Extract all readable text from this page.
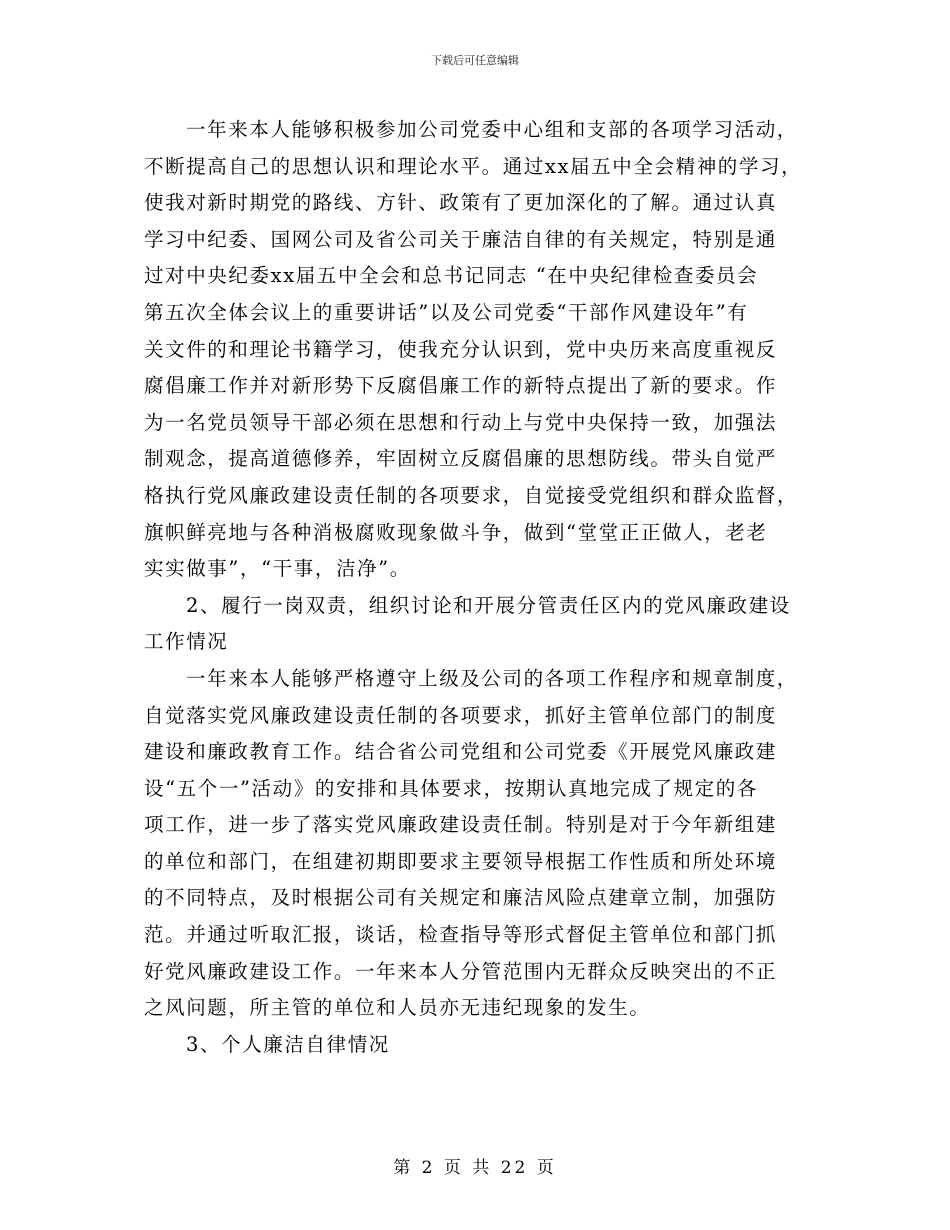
下载后可任意编辑
一年来本人能够积极参加公司党委中心组和支部的各项学习活动，
不断提高自己的思想认识和理论水平。通过xx届五中全会精神的学习，
使我对新时期党的路线、方针、政策有了更加深化的了解。通过认真
学习中纪委、国网公司及省公司关于廉洁自律的有关规定，特别是通
过对中央纪委xx届五中全会和总书记同志 “在中央纪律检查委员会
第五次全体会议上的重要讲话”以及公司党委“干部作风建设年”有
关文件的和理论书籍学习，使我充分认识到，党中央历来高度重视反
腐倡廉工作并对新形势下反腐倡廉工作的新特点提出了新的要求。作
为一名党员领导干部必须在思想和行动上与党中央保持一致，加强法
制观念，提高道德修养，牢固树立反腐倡廉的思想防线。带头自觉严
格执行党风廉政建设责任制的各项要求，自觉接受党组织和群众监督，
旗帜鲜亮地与各种消极腐败现象做斗争，做到“堂堂正正做人，老老
实实做事”，“干事，洁净”。
2、履行一岗双责，组织讨论和开展分管责任区内的党风廉政建设
工作情况
一年来本人能够严格遵守上级及公司的各项工作程序和规章制度，
自觉落实党风廉政建设责任制的各项要求，抓好主管单位部门的制度
建设和廉政教育工作。结合省公司党组和公司党委《开展党风廉政建
设“五个一”活动》的安排和具体要求，按期认真地完成了规定的各
项工作，进一步了落实党风廉政建设责任制。特别是对于今年新组建
的单位和部门，在组建初期即要求主要领导根据工作性质和所处环境
的不同特点，及时根据公司有关规定和廉洁风险点建章立制，加强防
范。并通过听取汇报，谈话，检查指导等形式督促主管单位和部门抓
好党风廉政建设工作。一年来本人分管范围内无群众反映突出的不正
之风问题，所主管的单位和人员亦无违纪现象的发生。
3、个人廉洁自律情况
第 2 页 共 22 页
